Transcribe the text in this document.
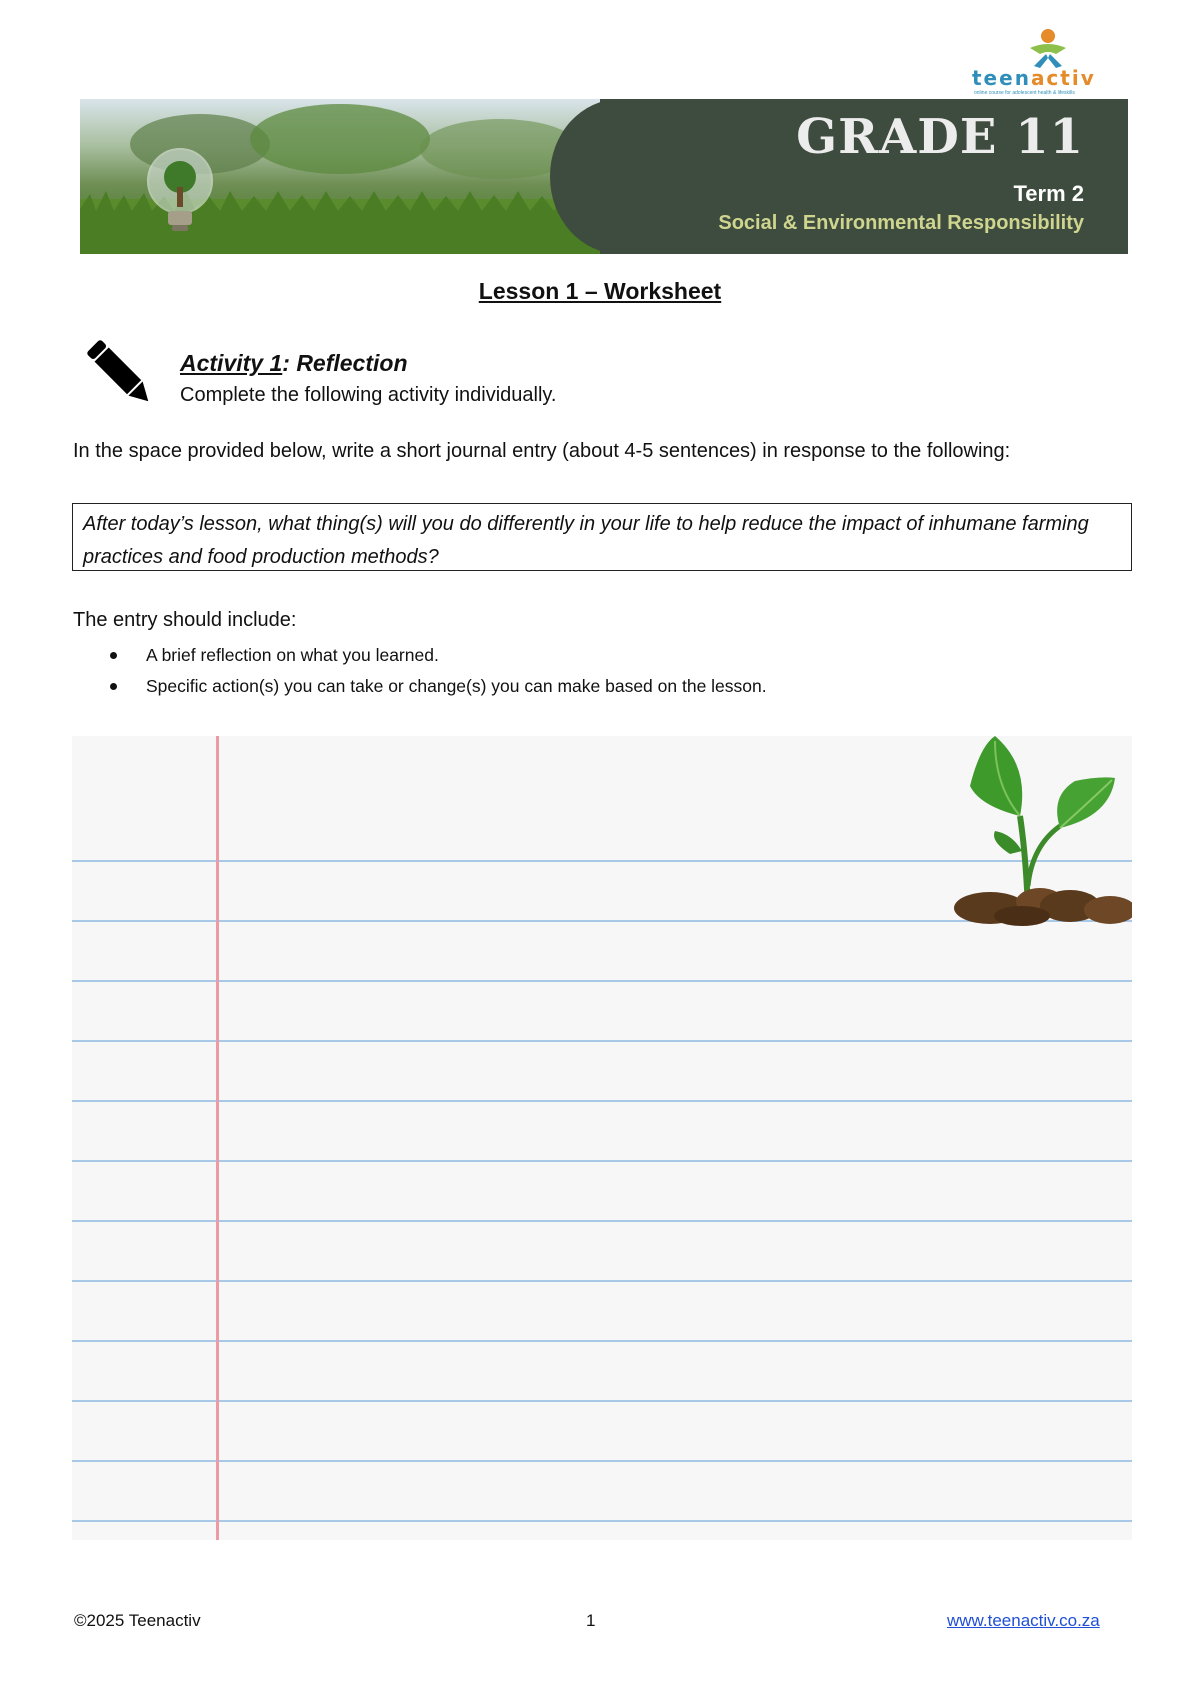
teenactiv
online course for adolescent health & lifeskills
GRADE 11
Term 2
Social & Environmental Responsibility
Lesson 1 – Worksheet
Activity 1: Reflection
Complete the following activity individually.
In the space provided below, write a short journal entry (about 4-5 sentences) in response to the following:
After today’s lesson, what thing(s) will you do differently in your life to help reduce the impact of inhumane farming practices and food production methods?
The entry should include:
A brief reflection on what you learned.
Specific action(s) you can take or change(s) you can make based on the lesson.
©2025 Teenactiv	1	www.teenactiv.co.za
